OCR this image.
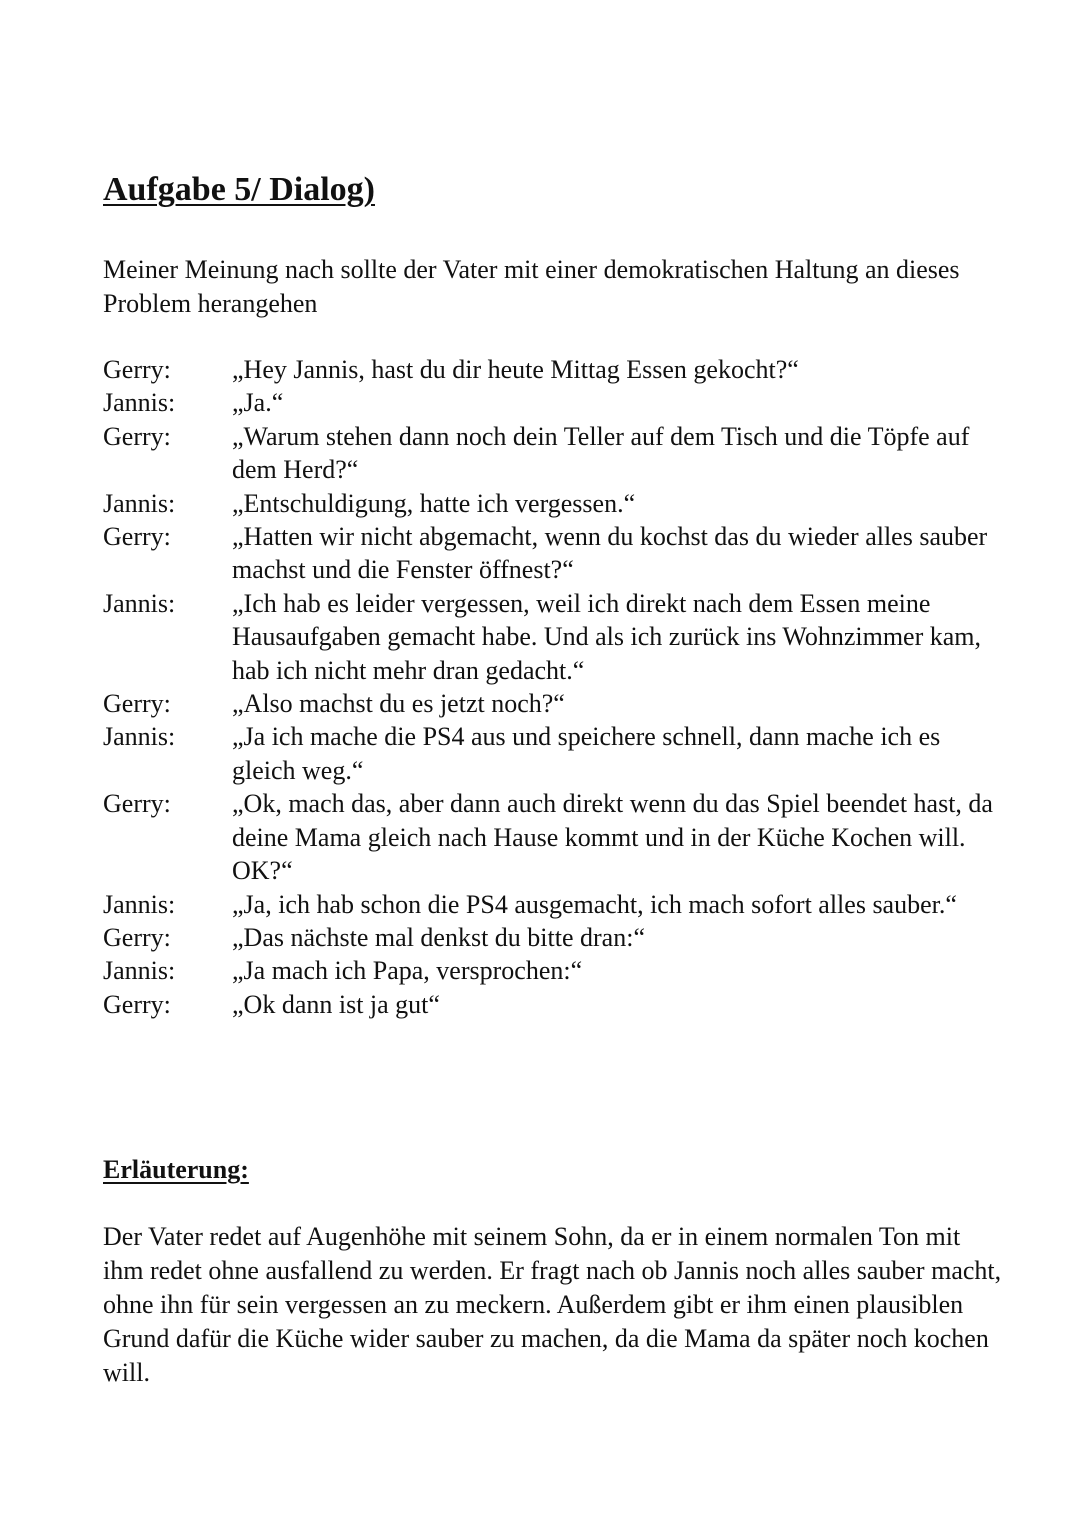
Aufgabe 5/ Dialog)

Meiner Meinung nach sollte der Vater mit einer demokratischen Haltung an dieses Problem herangehen

Gerry:	„Hey Jannis, hast du dir heute Mittag Essen gekocht?“
Jannis:	„Ja.“
Gerry:	„Warum stehen dann noch dein Teller auf dem Tisch und die Töpfe auf dem Herd?“
Jannis:	„Entschuldigung, hatte ich vergessen.“
Gerry:	„Hatten wir nicht abgemacht, wenn du kochst das du wieder alles sauber machst und die Fenster öffnest?“
Jannis:	„Ich hab es leider vergessen, weil ich direkt nach dem Essen meine Hausaufgaben gemacht habe. Und als ich zurück ins Wohnzimmer kam, hab ich nicht mehr dran gedacht.“
Gerry:	„Also machst du es jetzt noch?“
Jannis:	„Ja ich mache die PS4 aus und speichere schnell, dann mache ich es gleich weg.“
Gerry:	„Ok, mach das, aber dann auch direkt wenn du das Spiel beendet hast, da deine Mama gleich nach Hause kommt und in der Küche Kochen will. OK?“
Jannis:	„Ja, ich hab schon die PS4 ausgemacht, ich mach sofort alles sauber.“
Gerry:	„Das nächste mal denkst du bitte dran:“
Jannis:	„Ja mach ich Papa, versprochen:“
Gerry:	„Ok dann ist ja gut“
Erläuterung:

Der Vater redet auf Augenhöhe mit seinem Sohn, da er in einem normalen Ton mit ihm redet ohne ausfallend zu werden. Er fragt nach ob Jannis noch alles sauber macht, ohne ihn für sein vergessen an zu meckern. Außerdem gibt er ihm einen plausiblen Grund dafür die Küche wider sauber zu machen, da die Mama da später noch kochen will.
